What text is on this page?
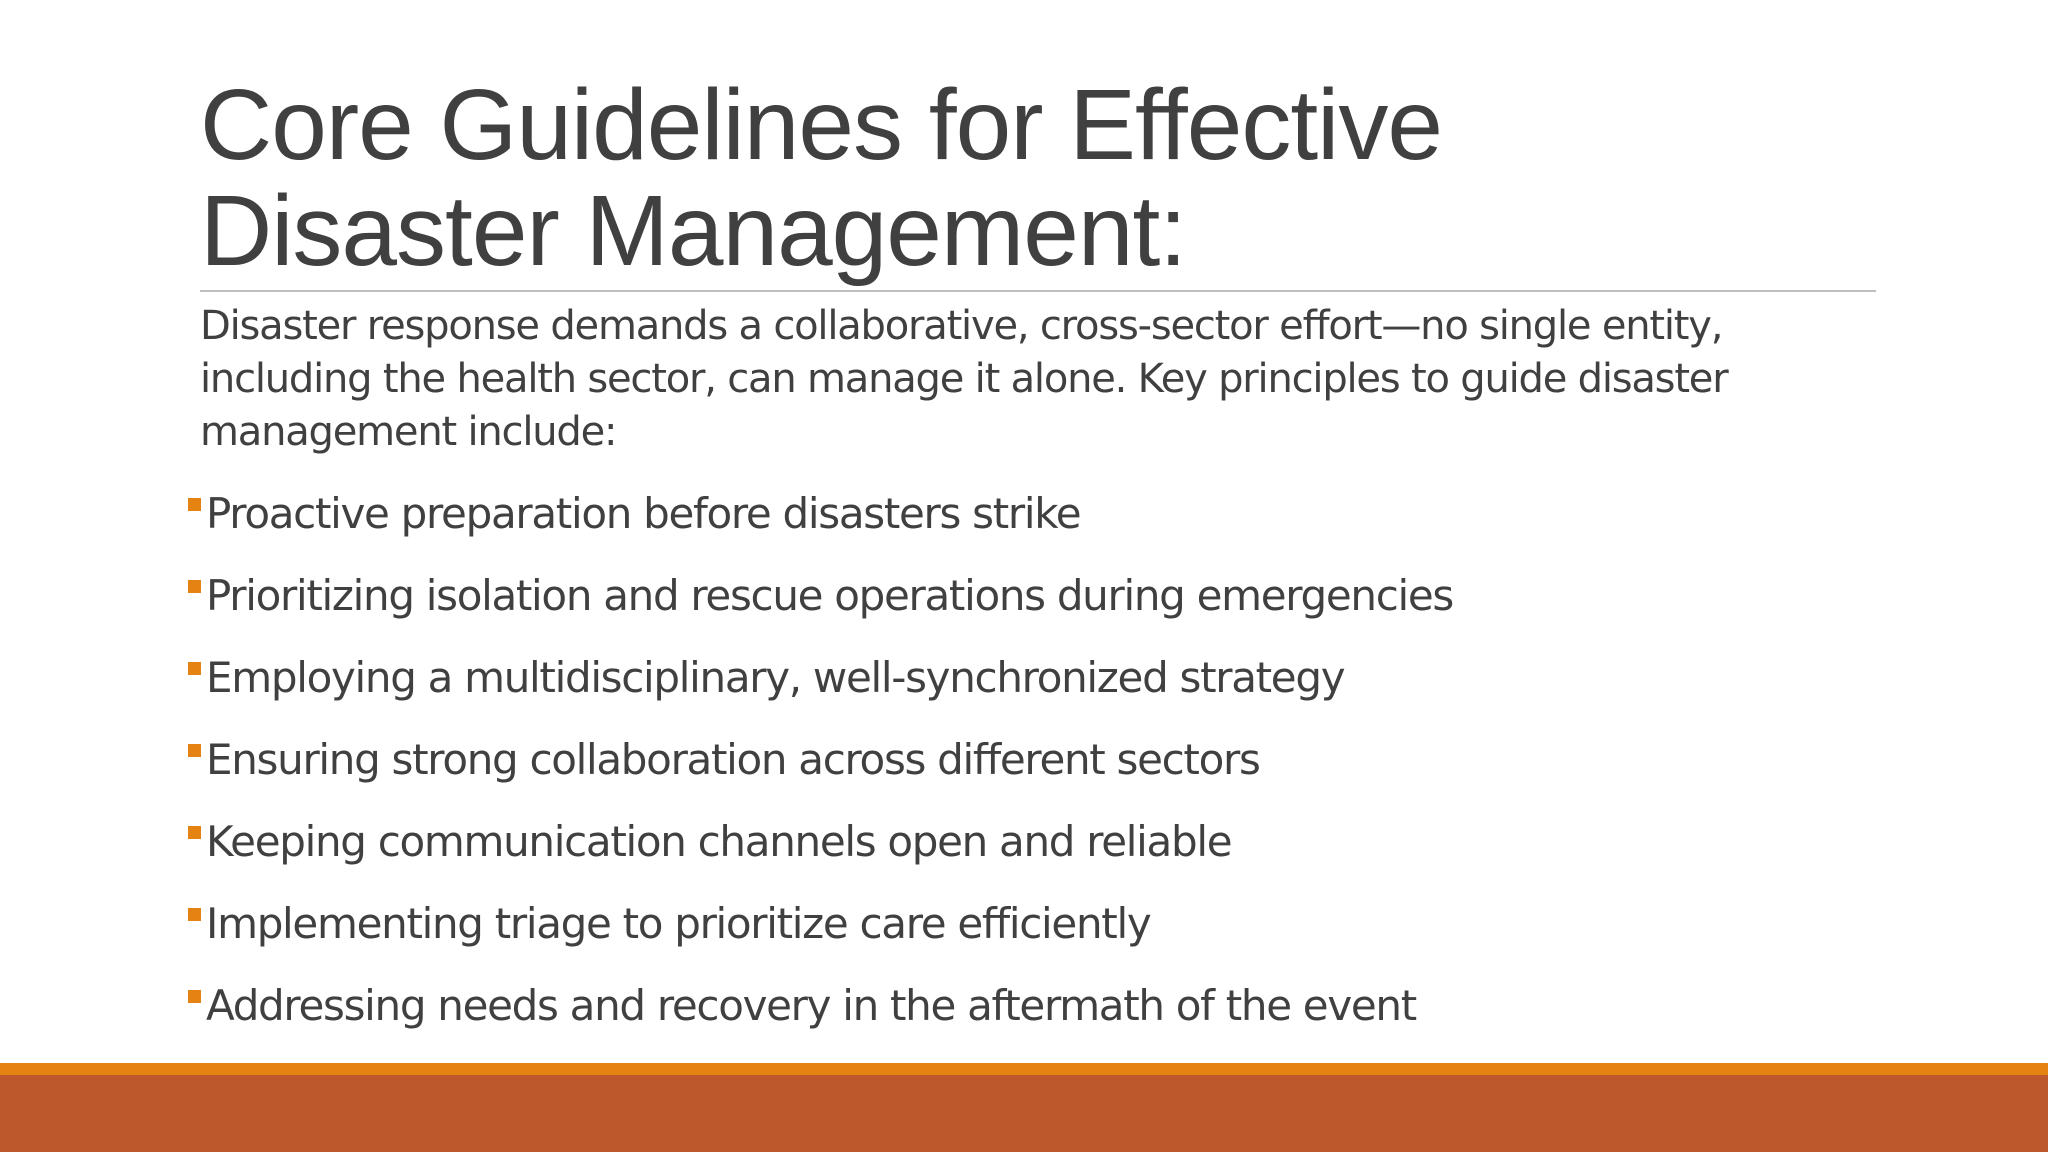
Core Guidelines for Effective
Disaster Management:

Disaster response demands a collaborative, cross-sector effort—no single entity, including the health sector, can manage it alone. Key principles to guide disaster management include:

Proactive preparation before disasters strike
Prioritizing isolation and rescue operations during emergencies
Employing a multidisciplinary, well-synchronized strategy
Ensuring strong collaboration across different sectors
Keeping communication channels open and reliable
Implementing triage to prioritize care efficiently
Addressing needs and recovery in the aftermath of the event
